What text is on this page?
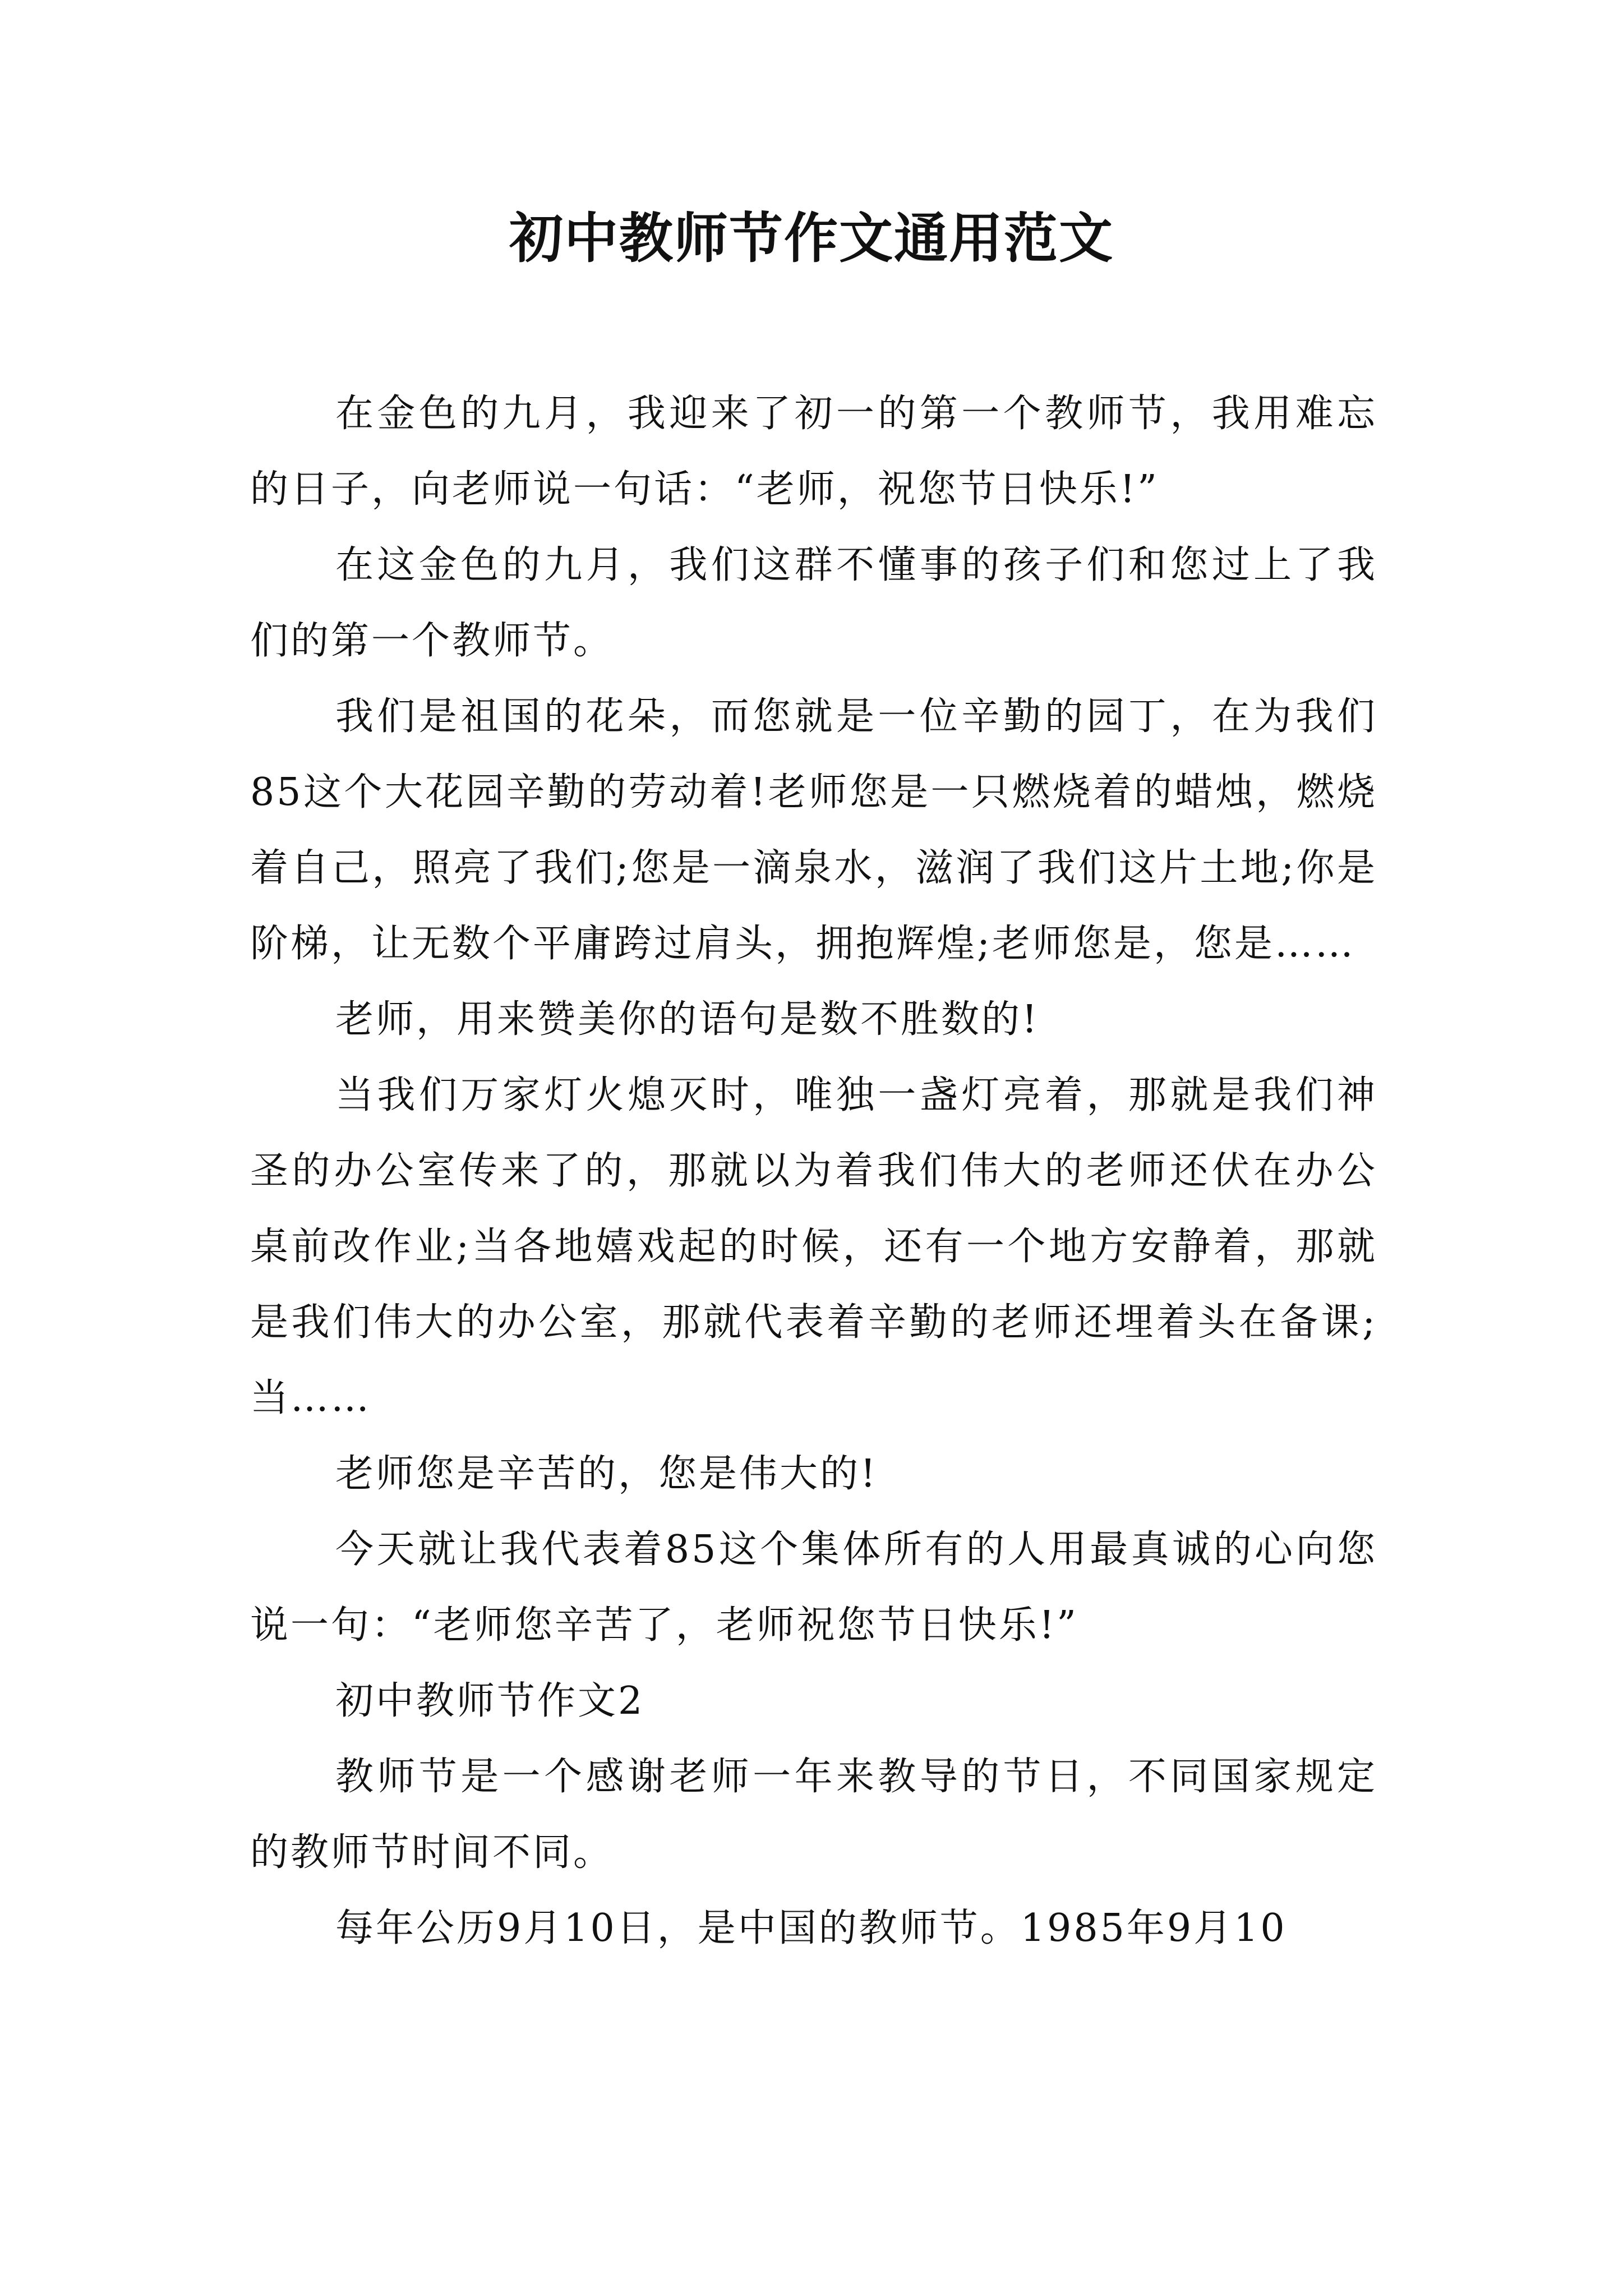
初中教师节作文通用范文

在金色的九月，我迎来了初一的第一个教师节，我用难忘的日子，向老师说一句话：“老师，祝您节日快乐!”

在这金色的九月，我们这群不懂事的孩子们和您过上了我们的第一个教师节。

我们是祖国的花朵，而您就是一位辛勤的园丁，在为我们85这个大花园辛勤的劳动着!老师您是一只燃烧着的蜡烛，燃烧着自己，照亮了我们;您是一滴泉水，滋润了我们这片土地;你是阶梯，让无数个平庸跨过肩头，拥抱辉煌;老师您是，您是……

老师，用来赞美你的语句是数不胜数的!

当我们万家灯火熄灭时，唯独一盏灯亮着，那就是我们神圣的办公室传来了的，那就以为着我们伟大的老师还伏在办公桌前改作业;当各地嬉戏起的时候，还有一个地方安静着，那就是我们伟大的办公室，那就代表着辛勤的老师还埋着头在备课;当……

老师您是辛苦的，您是伟大的!

今天就让我代表着85这个集体所有的人用最真诚的心向您说一句：“老师您辛苦了，老师祝您节日快乐!”

初中教师节作文2

教师节是一个感谢老师一年来教导的节日，不同国家规定的教师节时间不同。

每年公历9月10日，是中国的教师节。1985年9月10
